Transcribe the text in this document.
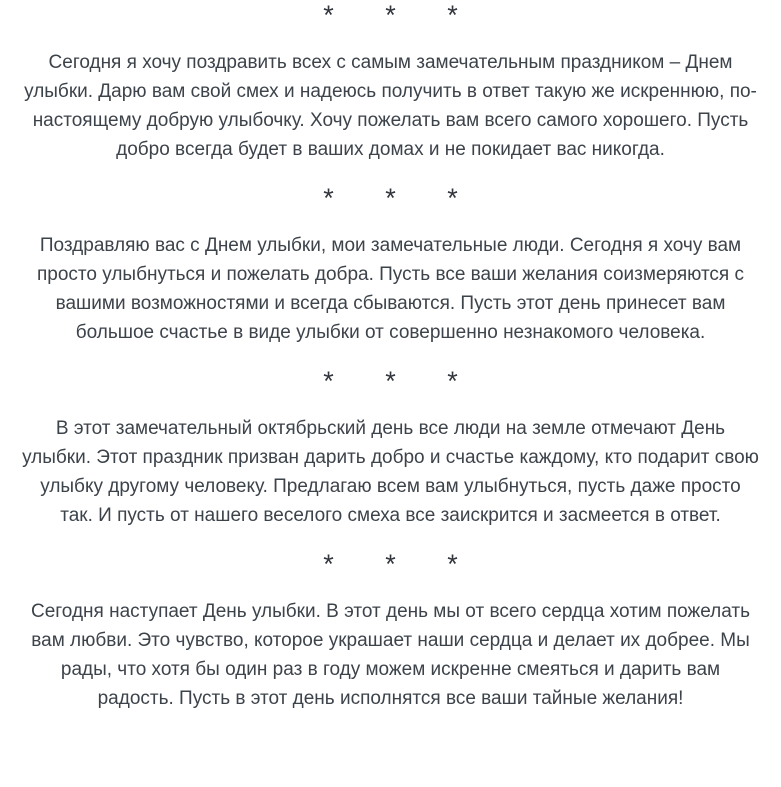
* * *

Сегодня я хочу поздравить всех с самым замечательным праздником – Днем улыбки. Дарю вам свой смех и надеюсь получить в ответ такую же искреннюю, по-настоящему добрую улыбочку. Хочу пожелать вам всего самого хорошего. Пусть добро всегда будет в ваших домах и не покидает вас никогда.

* * *

Поздравляю вас с Днем улыбки, мои замечательные люди. Сегодня я хочу вам просто улыбнуться и пожелать добра. Пусть все ваши желания соизмеряются с вашими возможностями и всегда сбываются. Пусть этот день принесет вам большое счастье в виде улыбки от совершенно незнакомого человека.

* * *

В этот замечательный октябрьский день все люди на земле отмечают День улыбки. Этот праздник призван дарить добро и счастье каждому, кто подарит свою улыбку другому человеку. Предлагаю всем вам улыбнуться, пусть даже просто так. И пусть от нашего веселого смеха все заискрится и засмеется в ответ.

* * *

Сегодня наступает День улыбки. В этот день мы от всего сердца хотим пожелать вам любви. Это чувство, которое украшает наши сердца и делает их добрее. Мы рады, что хотя бы один раз в году можем искренне смеяться и дарить вам радость. Пусть в этот день исполнятся все ваши тайные желания!
